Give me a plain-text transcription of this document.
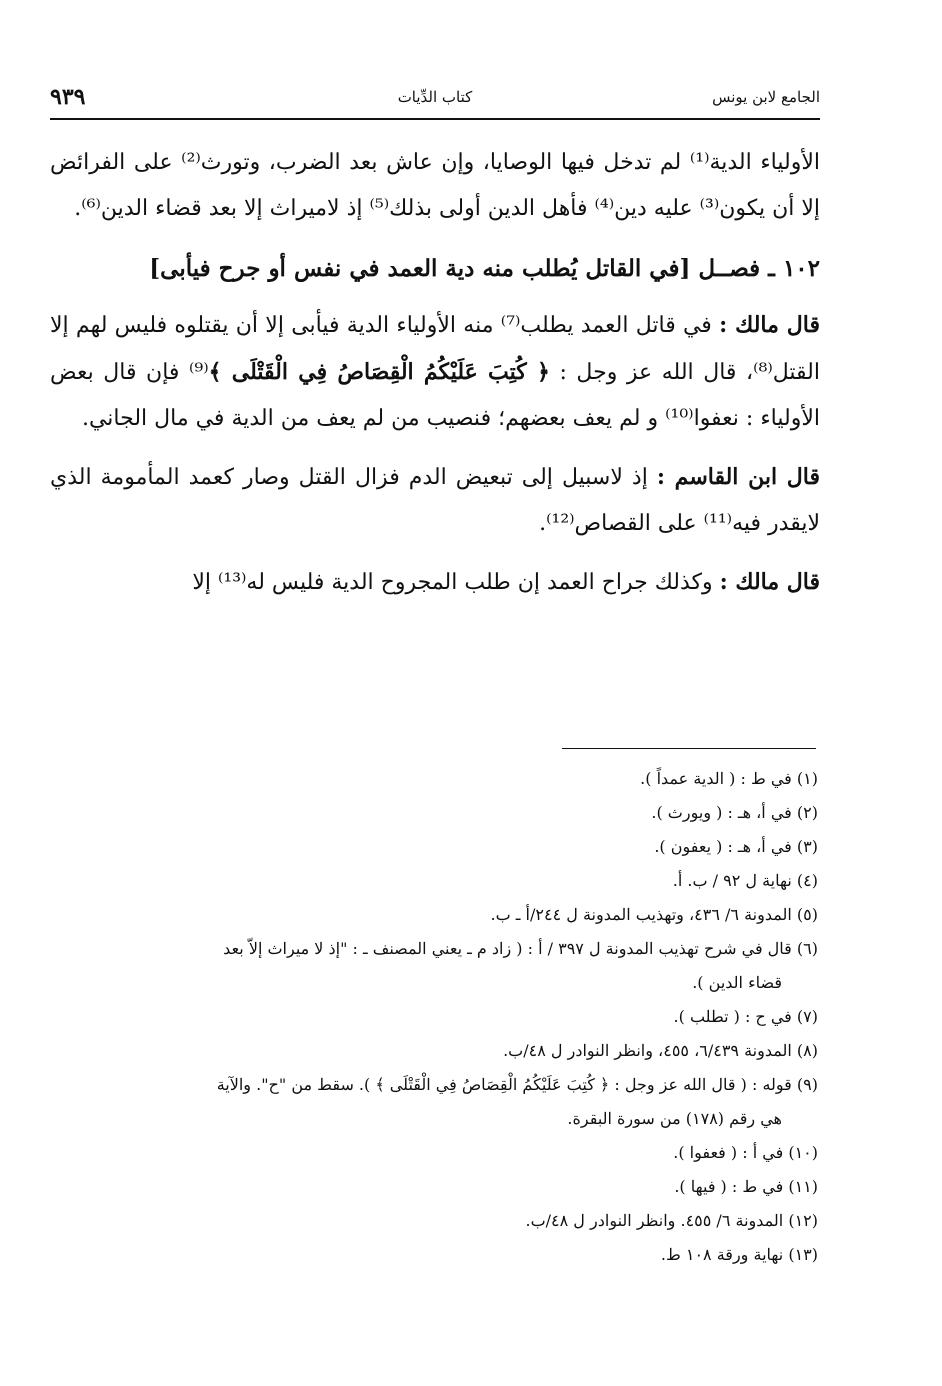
الجامع لابن يونس
كتاب الدِّيات
٩٣٩

الأولياء الدية⁽¹⁾ لم تدخل فيها الوصايا، وإن عاش بعد الضرب، وتورث⁽²⁾ على الفرائض إلا أن يكون⁽³⁾ عليه دين⁽⁴⁾ فأهل الدين أولى بذلك⁽⁵⁾ إذ لاميراث إلا بعد قضاء الدين⁽⁶⁾.

١٠٢ ـ فصــل [في القاتل يُطلب منه دية العمد في نفس أو جرح فيأبى]

قال مالك : في قاتل العمد يطلب⁽⁷⁾ منه الأولياء الدية فيأبى إلا أن يقتلوه فليس لهم إلا القتل⁽⁸⁾، قال الله عز وجل : ﴿ كُتِبَ عَلَيْكُمُ الْقِصَاصُ فِي الْقَتْلَى ﴾⁽⁹⁾ فإن قال بعض الأولياء : نعفوا⁽¹⁰⁾ و لم يعف بعضهم؛ فنصيب من لم يعف من الدية في مال الجاني.

قال ابن القاسم : إذ لاسبيل إلى تبعيض الدم فزال القتل وصار كعمد المأمومة الذي لايقدر فيه⁽¹¹⁾ على القصاص⁽¹²⁾.

قال مالك : وكذلك جراح العمد إن طلب المجروح الدية فليس له⁽¹³⁾ إلا

(١) في ط : ( الدية عمداً ).

(٢) في أ، هـ : ( ويورث ).

(٣) في أ، هـ : ( يعفون ).

(٤) نهاية ل ٩٢ / ب. أ.

(٥) المدونة ٦/ ٤٣٦، وتهذيب المدونة ل ٢٤٤/أ ـ ب.

(٦) قال في شرح تهذيب المدونة ل ٣٩٧ / أ : ( زاد م ـ يعني المصنف ـ : "إذ لا ميراث إلاّ بعد

قضاء الدين ).

(٧) في ح : ( تطلب ).

(٨) المدونة ٦/٤٣٩، ٤٥٥، وانظر النوادر ل ٤٨/ب.

(٩) قوله : ( قال الله عز وجل : ﴿ كُتِبَ عَلَيْكُمُ الْقِصَاصُ فِي الْقَتْلَى ﴾ ). سقط من "ح". والآية

هي رقم (١٧٨) من سورة البقرة.

(١٠) في أ : ( فعفوا ).

(١١) في ط : ( فيها ).

(١٢) المدونة ٦/ ٤٥٥. وانظر النوادر ل ٤٨/ب.

(١٣) نهاية ورقة ١٠٨ ط.
